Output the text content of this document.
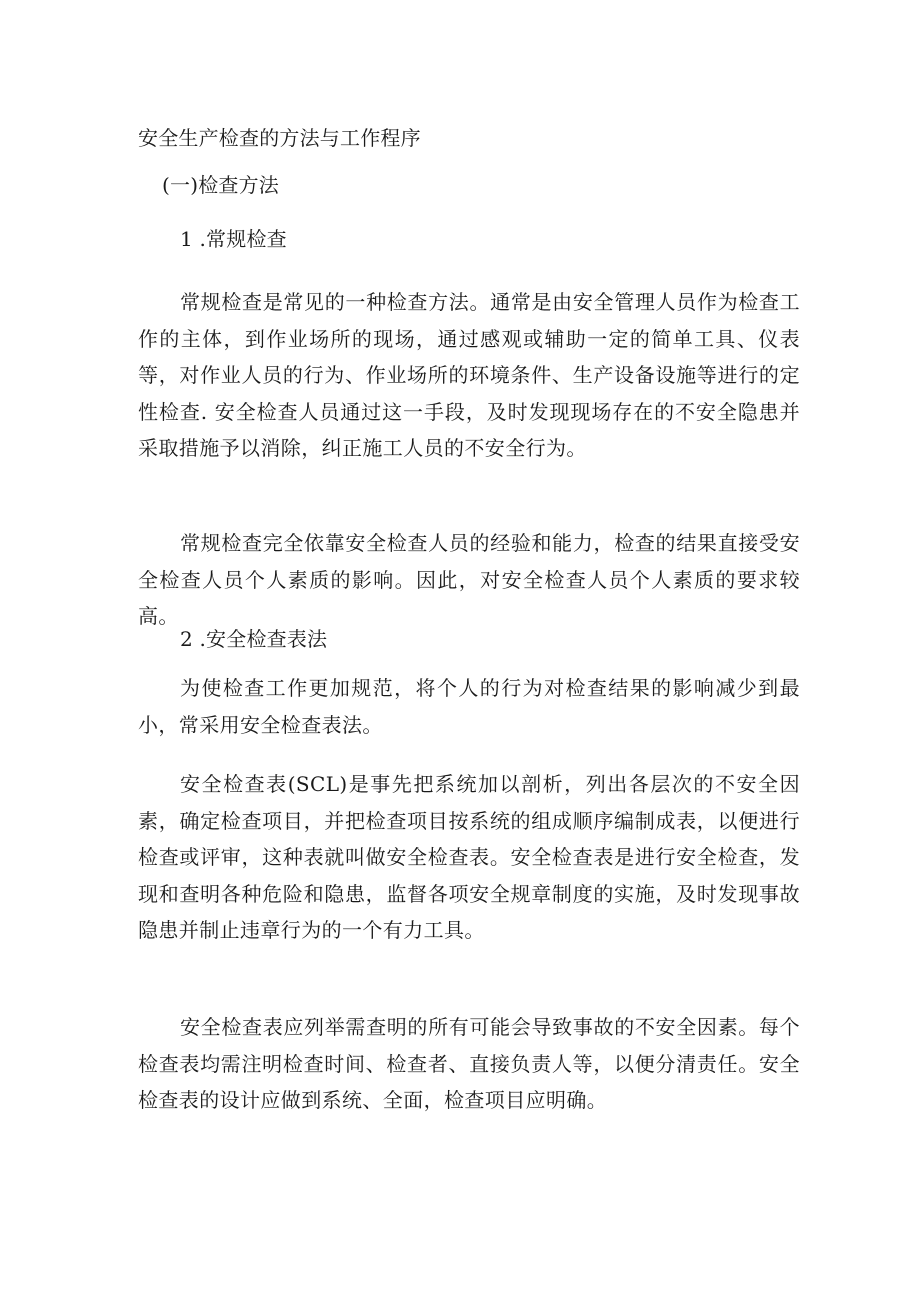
安全生产检查的方法与工作程序
(一)检查方法
1 .常规检查
常规检查是常见的一种检查方法。通常是由安全管理人员作为检查工作的主体，到作业场所的现场，通过感观或辅助一定的简单工具、仪表等，对作业人员的行为、作业场所的环境条件、生产设备设施等进行的定性检查. 安全检查人员通过这一手段，及时发现现场存在的不安全隐患并采取措施予以消除，纠正施工人员的不安全行为。
常规检查完全依靠安全检查人员的经验和能力，检查的结果直接受安全检查人员个人素质的影响。因此，对安全检查人员个人素质的要求较高。
2 .安全检查表法
为使检查工作更加规范，将个人的行为对检查结果的影响减少到最小，常采用安全检查表法。
安全检查表(SCL)是事先把系统加以剖析，列出各层次的不安全因素，确定检查项目，并把检查项目按系统的组成顺序编制成表，以便进行检查或评审，这种表就叫做安全检查表。安全检查表是进行安全检查，发现和查明各种危险和隐患，监督各项安全规章制度的实施，及时发现事故隐患并制止违章行为的一个有力工具。
安全检查表应列举需查明的所有可能会导致事故的不安全因素。每个检查表均需注明检查时间、检查者、直接负责人等，以便分清责任。安全检查表的设计应做到系统、全面，检查项目应明确。
